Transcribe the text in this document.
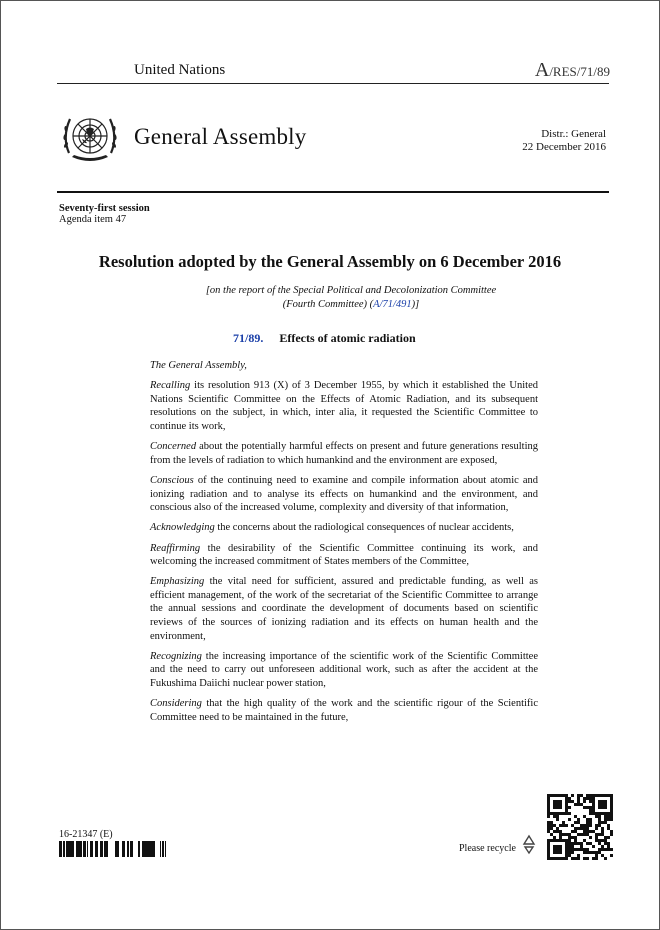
United Nations	A/RES/71/89
General Assembly	Distr.: General
22 December 2016
Seventy-first session
Agenda item 47
Resolution adopted by the General Assembly on 6 December 2016
[on the report of the Special Political and Decolonization Committee
(Fourth Committee) (A/71/491)]
71/89. Effects of atomic radiation

The General Assembly,

Recalling its resolution 913 (X) of 3 December 1955, by which it established the United Nations Scientific Committee on the Effects of Atomic Radiation, and its subsequent resolutions on the subject, in which, inter alia, it requested the Scientific Committee to continue its work,

Concerned about the potentially harmful effects on present and future generations resulting from the levels of radiation to which humankind and the environment are exposed,

Conscious of the continuing need to examine and compile information about atomic and ionizing radiation and to analyse its effects on humankind and the environment, and conscious also of the increased volume, complexity and diversity of that information,

Acknowledging the concerns about the radiological consequences of nuclear accidents,

Reaffirming the desirability of the Scientific Committee continuing its work, and welcoming the increased commitment of States members of the Committee,

Emphasizing the vital need for sufficient, assured and predictable funding, as well as efficient management, of the work of the secretariat of the Scientific Committee to arrange the annual sessions and coordinate the development of documents based on scientific reviews of the sources of ionizing radiation and its effects on human health and the environment,

Recognizing the increasing importance of the scientific work of the Scientific Committee and the need to carry out unforeseen additional work, such as after the accident at the Fukushima Daiichi nuclear power station,

Considering that the high quality of the work and the scientific rigour of the Scientific Committee need to be maintained in the future,

16-21347 (E)
Please recycle
